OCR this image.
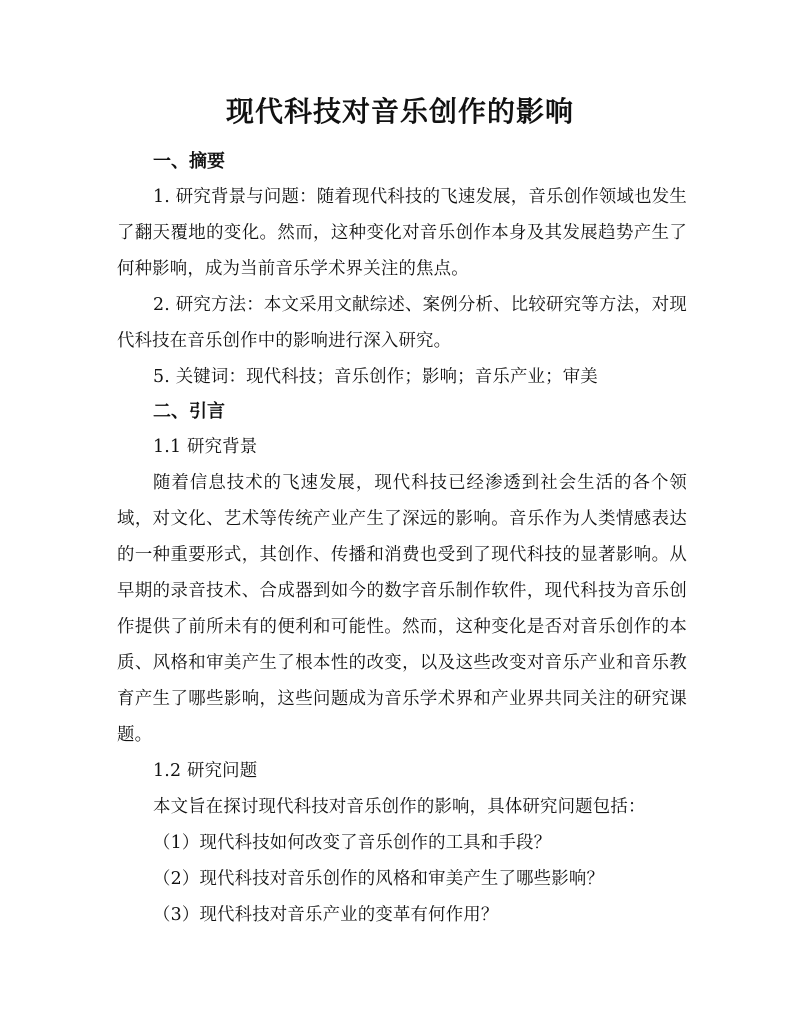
现代科技对音乐创作的影响
一、摘要

1. 研究背景与问题：随着现代科技的飞速发展，音乐创作领域也发生了翻天覆地的变化。然而，这种变化对音乐创作本身及其发展趋势产生了何种影响，成为当前音乐学术界关注的焦点。

2. 研究方法：本文采用文献综述、案例分析、比较研究等方法，对现代科技在音乐创作中的影响进行深入研究。

5. 关键词：现代科技；音乐创作；影响；音乐产业；审美

二、引言

1.1 研究背景

随着信息技术的飞速发展，现代科技已经渗透到社会生活的各个领域，对文化、艺术等传统产业产生了深远的影响。音乐作为人类情感表达的一种重要形式，其创作、传播和消费也受到了现代科技的显著影响。从早期的录音技术、合成器到如今的数字音乐制作软件，现代科技为音乐创作提供了前所未有的便利和可能性。然而，这种变化是否对音乐创作的本质、风格和审美产生了根本性的改变，以及这些改变对音乐产业和音乐教育产生了哪些影响，这些问题成为音乐学术界和产业界共同关注的研究课题。

1.2 研究问题

本文旨在探讨现代科技对音乐创作的影响，具体研究问题包括：

（1）现代科技如何改变了音乐创作的工具和手段？

（2）现代科技对音乐创作的风格和审美产生了哪些影响？

（3）现代科技对音乐产业的变革有何作用？
